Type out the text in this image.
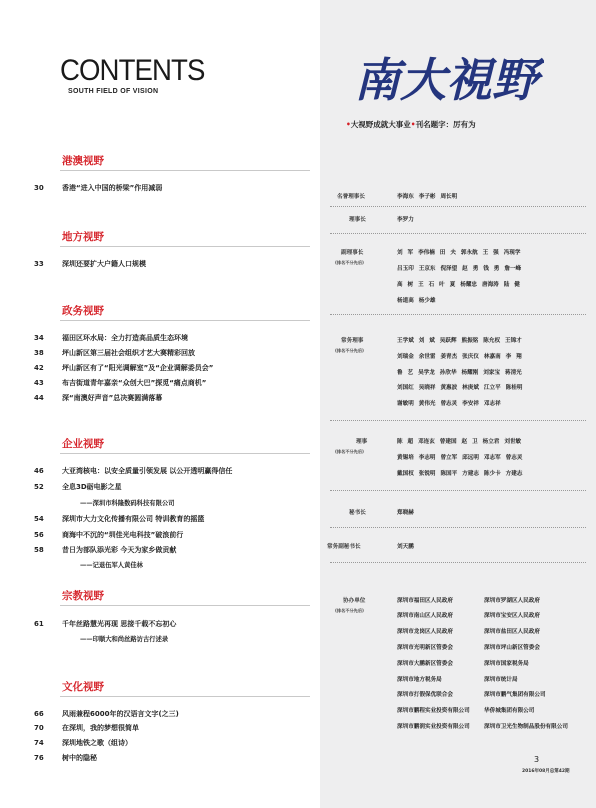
CONTENTS
SOUTH FIELD OF VISION
港澳视野
30	香港“进入中国的桥梁”作用减弱
地方视野
33	深圳还要扩大户籍人口规模
政务视野
34	福田区环水局：全力打造高品质生态环境
38	坪山新区第三届社会组织才艺大赛精彩回放
42	坪山新区有了“阳光调解室”及“企业调解委员会”
43	布吉街道青年嘉亲“众创大巴”探觅“痛点商机”
44	深“南澳好声音”总决赛圆满落幕
企业视野
46	大亚湾核电：以安全质量引领发展 以公开透明赢得信任
52	全息3D砺电影之星
——深圳市科隆数码科技有限公司
54	深圳市大力文化传播有限公司 特训教育的摇篮
56	商海中不沉的“圳佳光电科技”破浪前行
58	昔日为部队添光彩 今天为家乡做贡献
——记退伍军人黄佳林
宗教视野
61	千年丝路慧光再现 思接千载不忘初心
——印顺大和尚丝路访古行述录
文化视野
66	风雨兼程6000年的汉语言文字(之三)
70	在深圳，我的梦想很简单
74	深圳地铁之歌（组诗）
76	树中的隐秘
南大視野
•大视野成就大事业•刊名题字：厉有为
名誉理事长	李海东 李子彬 周长明
理事长	李罗力
副理事长
(排名不分先后)
刘 军 李伟楠 田 夫 郭永航 王 强 冯现学
吕玉印 王京东 倪泽望 赵 勇 钱 勇 詹一峰
高 树 王 石 叶 夏 杨耀忠 唐海涛 陆 健
杨道高 杨少雄
常务理事
(排名不分先后)
王学斌 刘 斌 吴跃辉 熊振铭 陈允权 王锦才
刘瑞金 余世雷 姜青杰 张庆仪 林嘉南 李 翔
鲁 艺 吴学龙 孙欣华 杨耀刚 刘家宝 蒋清光
刘国红 吴晓祥 黄惠波 林庚斌 江立平 陈桂明
谢敏明 黄伟光 曾志灵 李安祥 邓志祥
理事
(排名不分先后)
陈 超 邓连玄 曾建国 赵 卫 杨立君 刘世敏
黄锡培 李志明 曾立军 邱远明 邓志军 曾志灵
戴国权 张锐明 陈国平 方建志 陈少卡 方建志
秘书长	郑晓赫
常务副秘书长	刘天鹏
协办单位
(排名不分先后)
深圳市福田区人民政府	深圳市罗湖区人民政府
深圳市南山区人民政府	深圳市宝安区人民政府
深圳市龙岗区人民政府	深圳市盐田区人民政府
深圳市光明新区管委会	深圳市坪山新区管委会
深圳市大鹏新区管委会	深圳市国家税务局
深圳市地方税务局	深圳市统计局
深圳市打假保优联合会	深圳市鹏气集团有限公司
深圳市鹏程实业投资有限公司	华侨城集团有限公司
深圳市鹏润实业投资有限公司	深圳市卫光生物制品股份有限公司
3
2016年08月总第42期
